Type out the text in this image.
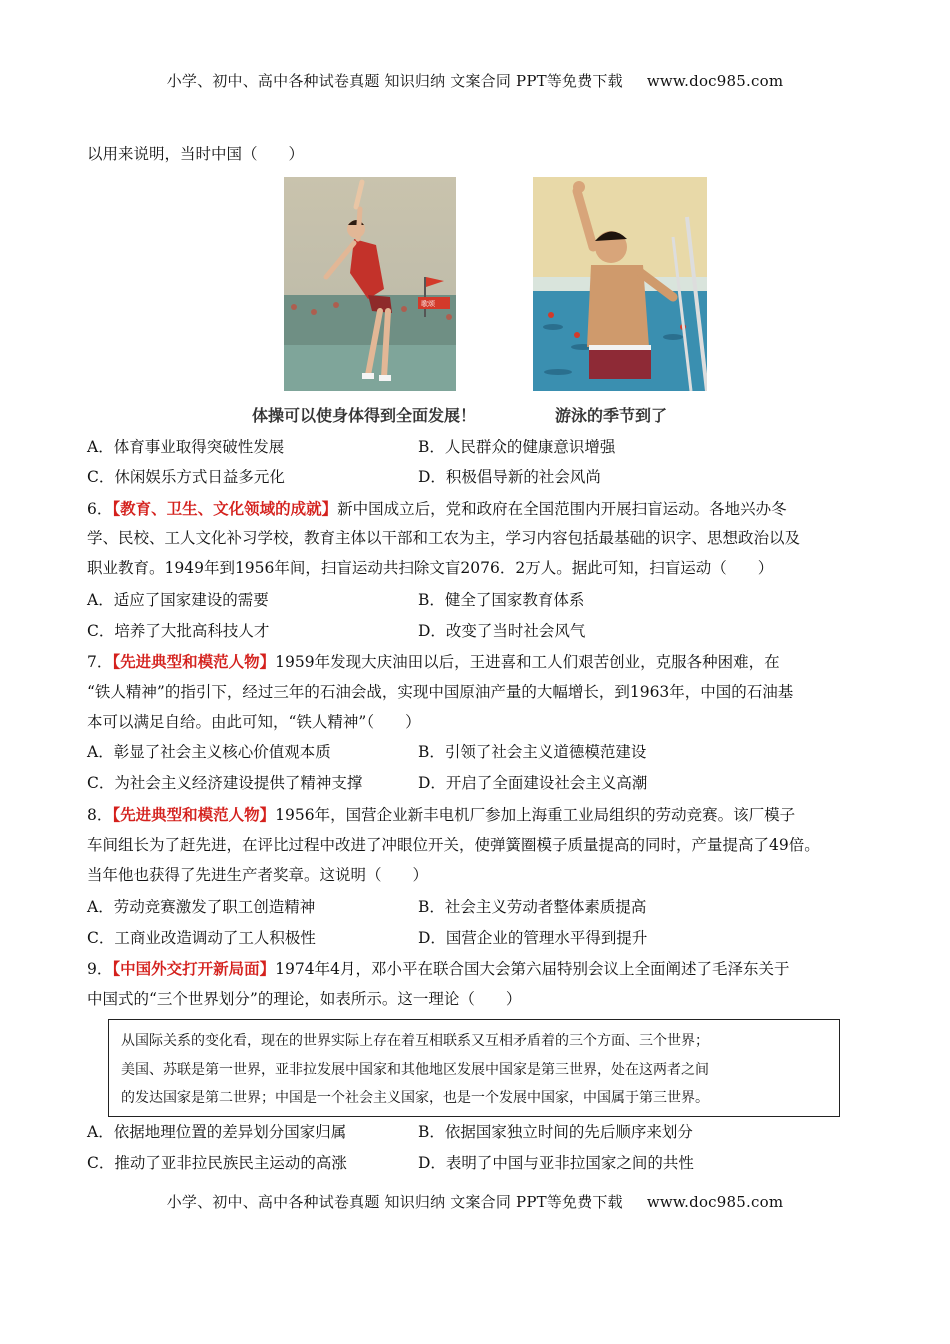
小学、初中、高中各种试卷真题 知识归纳 文案合同 PPT等免费下载 www.doc985.com
以用来说明，当时中国（　　）
歌颂
体操可以使身体得到全面发展！	游泳的季节到了
A．体育事业取得突破性发展	B．人民群众的健康意识增强
C．休闲娱乐方式日益多元化	D．积极倡导新的社会风尚
6．【教育、卫生、文化领域的成就】新中国成立后，党和政府在全国范围内开展扫盲运动。各地兴办冬
学、民校、工人文化补习学校，教育主体以干部和工农为主，学习内容包括最基础的识字、思想政治以及
职业教育。1949年到1956年间，扫盲运动共扫除文盲2076．2万人。据此可知，扫盲运动（　　）
A．适应了国家建设的需要	B．健全了国家教育体系
C．培养了大批高科技人才	D．改变了当时社会风气
7．【先进典型和模范人物】1959年发现大庆油田以后，王进喜和工人们艰苦创业，克服各种困难，在
“铁人精神”的指引下，经过三年的石油会战，实现中国原油产量的大幅增长，到1963年，中国的石油基
本可以满足自给。由此可知，“铁人精神”（　　）
A．彰显了社会主义核心价值观本质	B．引领了社会主义道德模范建设
C．为社会主义经济建设提供了精神支撑	D．开启了全面建设社会主义高潮
8．【先进典型和模范人物】1956年，国营企业新丰电机厂参加上海重工业局组织的劳动竞赛。该厂模子
车间组长为了赶先进，在评比过程中改进了冲眼位开关，使弹簧圈模子质量提高的同时，产量提高了49倍。
当年他也获得了先进生产者奖章。这说明（　　）
A．劳动竞赛激发了职工创造精神	B．社会主义劳动者整体素质提高
C．工商业改造调动了工人积极性	D．国营企业的管理水平得到提升
9．【中国外交打开新局面】1974年4月，邓小平在联合国大会第六届特别会议上全面阐述了毛泽东关于
中国式的“三个世界划分”的理论，如表所示。这一理论（　　）
从国际关系的变化看，现在的世界实际上存在着互相联系又互相矛盾着的三个方面、三个世界；
美国、苏联是第一世界，亚非拉发展中国家和其他地区发展中国家是第三世界，处在这两者之间
的发达国家是第二世界；中国是一个社会主义国家，也是一个发展中国家，中国属于第三世界。
A．依据地理位置的差异划分国家归属	B．依据国家独立时间的先后顺序来划分
C．推动了亚非拉民族民主运动的高涨	D．表明了中国与亚非拉国家之间的共性
小学、初中、高中各种试卷真题 知识归纳 文案合同 PPT等免费下载 www.doc985.com
